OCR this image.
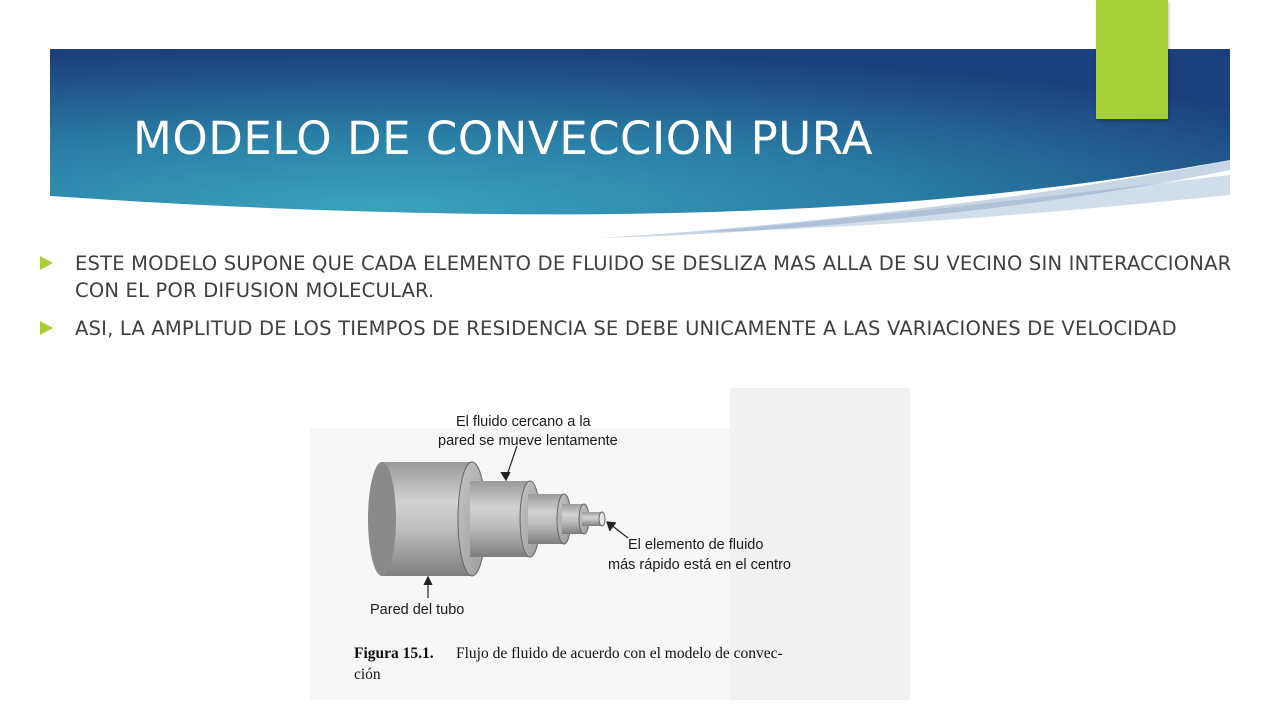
MODELO DE CONVECCION PURA
ESTE MODELO SUPONE QUE CADA ELEMENTO DE FLUIDO SE DESLIZA MAS ALLA DE SU VECINO SIN INTERACCIONAR CON EL POR DIFUSION MOLECULAR.
ASI, LA AMPLITUD DE LOS TIEMPOS DE RESIDENCIA SE DEBE UNICAMENTE A LAS VARIACIONES DE VELOCIDAD
El fluido cercano a la
pared se mueve lentamente
El elemento de fluido
más rápido está en el centro
Pared del tubo
Figura 15.1. Flujo de fluido de acuerdo con el modelo de convec-
ción
